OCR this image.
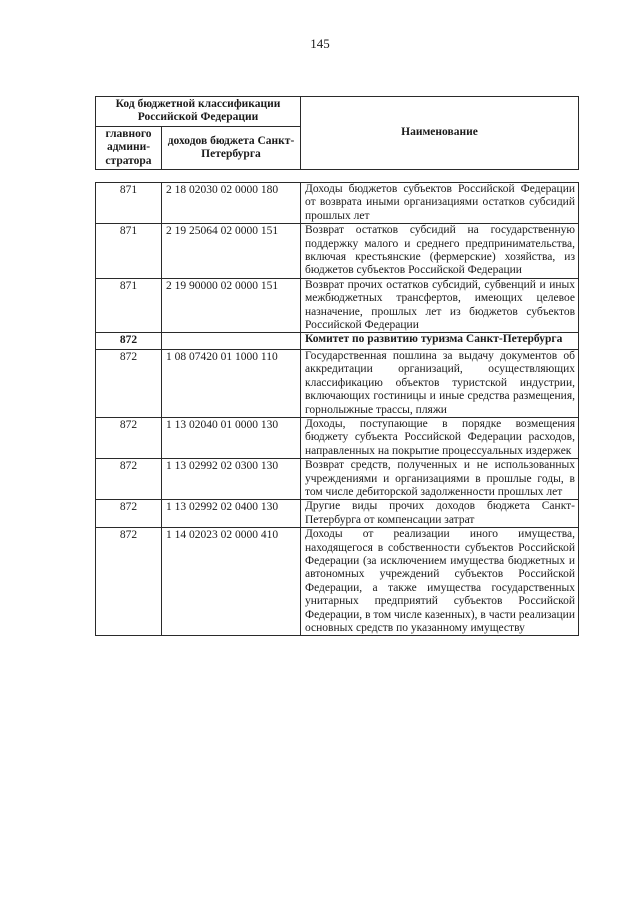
145
Код бюджетной классификации Российской Федерации		Наименование
главного админи-стратора	доходов бюджета Санкт-Петербурга	
871	2 18 02030 02 0000 180	Доходы бюджетов субъектов Российской Федерации от возврата иными организациями остатков субсидий прошлых лет
871	2 19 25064 02 0000 151	Возврат остатков субсидий на государственную поддержку малого и среднего предпринимательства, включая крестьянские (фермерские) хозяйства, из бюджетов субъектов Российской Федерации
871	2 19 90000 02 0000 151	Возврат прочих остатков субсидий, субвенций и иных межбюджетных трансфертов, имеющих целевое назначение, прошлых лет из бюджетов субъектов Российской Федерации
872		Комитет по развитию туризма Санкт-Петербурга
872	1 08 07420 01 1000 110	Государственная пошлина за выдачу документов об аккредитации организаций, осуществляющих классификацию объектов туристской индустрии, включающих гостиницы и иные средства размещения, горнолыжные трассы, пляжи
872	1 13 02040 01 0000 130	Доходы, поступающие в порядке возмещения бюджету субъекта Российской Федерации расходов, направленных на покрытие процессуальных издержек
872	1 13 02992 02 0300 130	Возврат средств, полученных и не использованных учреждениями и организациями в прошлые годы, в том числе дебиторской задолженности прошлых лет
872	1 13 02992 02 0400 130	Другие виды прочих доходов бюджета Санкт-Петербурга от компенсации затрат
872	1 14 02023 02 0000 410	Доходы от реализации иного имущества, находящегося в собственности субъектов Российской Федерации (за исключением имущества бюджетных и автономных учреждений субъектов Российской Федерации, а также имущества государственных унитарных предприятий субъектов Российской Федерации, в том числе казенных), в части реализации основных средств по указанному имуществу
